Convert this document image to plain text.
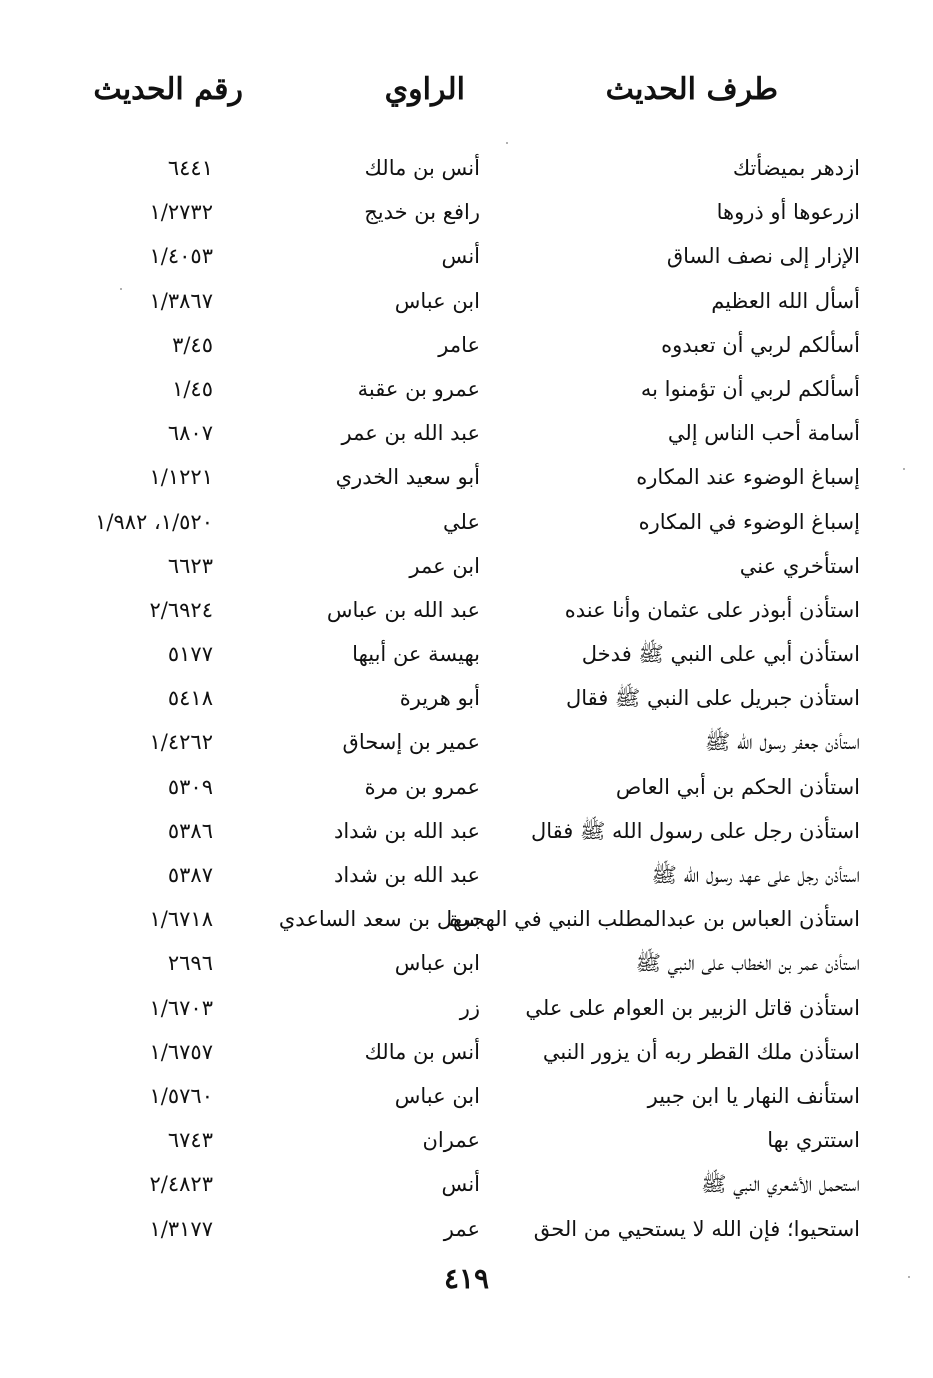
طرف الحديث
الراوي
رقم الحديث
ازدهر بميضأتك
أنس بن مالك
٦٤٤١
ازرعوها أو ذروها
رافع بن خديج
١/٢٧٣٢
الإزار إلى نصف الساق
أنس
١/٤٠٥٣
أسأل الله العظيم
ابن عباس
١/٣٨٦٧
أسألكم لربي أن تعبدوه
عامر
٣/٤٥
أسألكم لربي أن تؤمنوا به
عمرو بن عقبة
١/٤٥
أسامة أحب الناس إلي
عبد الله بن عمر
٦٨٠٧
إسباغ الوضوء عند المكاره
أبو سعيد الخدري
١/١٢٢١
إسباغ الوضوء في المكاره
علي
١/٥٢٠، ١/٩٨٢
استأخري عني
ابن عمر
٦٦٢٣
استأذن أبوذر على عثمان وأنا عنده
عبد الله بن عباس
٢/٦٩٢٤
استأذن أبي على النبي ﷺ فدخل
بهيسة عن أبيها
٥١٧٧
استأذن جبريل على النبي ﷺ فقال
أبو هريرة
٥٤١٨
استأذن جعفر رسول الله ﷺ
عمير بن إسحاق
١/٤٢٦٢
استأذن الحكم بن أبي العاص
عمرو بن مرة
٥٣٠٩
استأذن رجل على رسول الله ﷺ فقال
عبد الله بن شداد
٥٣٨٦
استأذن رجل على عهد رسول الله ﷺ
عبد الله بن شداد
٥٣٨٧
استأذن العباس بن عبدالمطلب النبي في الهجرة
سهل بن سعد الساعدي
١/٦٧١٨
استأذن عمر بن الخطاب على النبي ﷺ
ابن عباس
٢٦٩٦
استأذن قاتل الزبير بن العوام على علي
زر
١/٦٧٠٣
استأذن ملك القطر ربه أن يزور النبي
أنس بن مالك
١/٦٧٥٧
استأنف النهار يا ابن جبير
ابن عباس
١/٥٧٦٠
استتري بها
عمران
٦٧٤٣
استحمل الأشعري النبي ﷺ
أنس
٢/٤٨٢٣
استحيوا؛ فإن الله لا يستحيي من الحق
عمر
١/٣١٧٧
٤١٩
